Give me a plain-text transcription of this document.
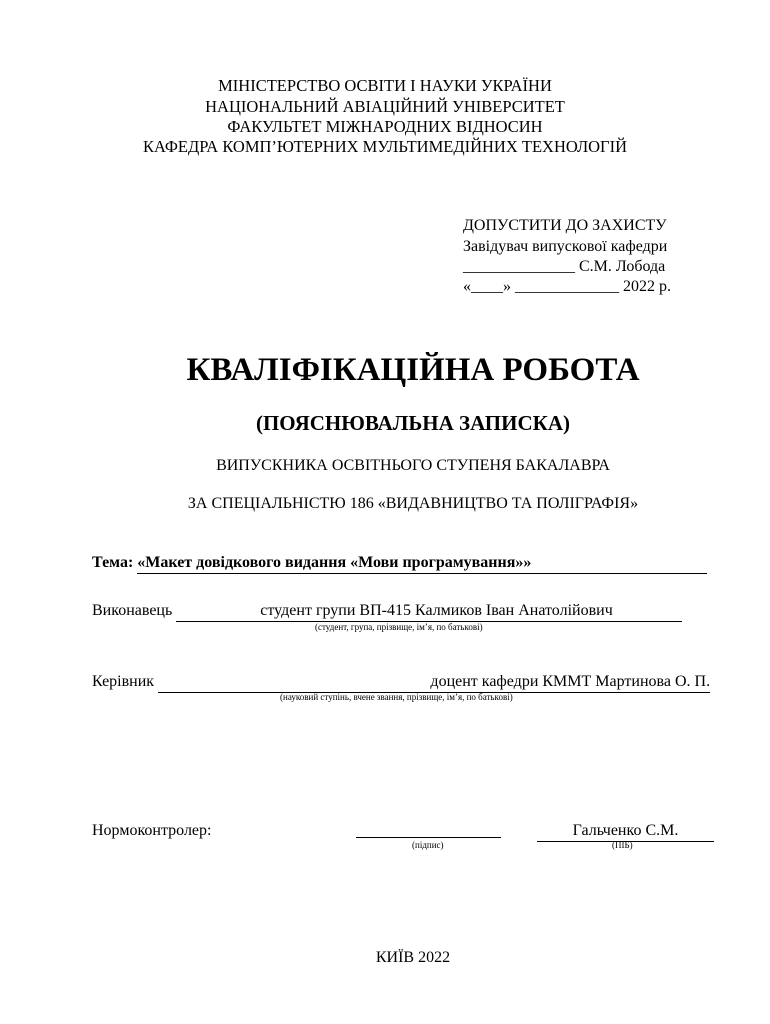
МІНІСТЕРСТВО ОСВІТИ І НАУКИ УКРАЇНИ
НАЦІОНАЛЬНИЙ АВІАЦІЙНИЙ УНІВЕРСИТЕТ
ФАКУЛЬТЕТ МІЖНАРОДНИХ ВІДНОСИН
КАФЕДРА КОМП’ЮТЕРНИХ МУЛЬТИМЕДІЙНИХ ТЕХНОЛОГІЙ
ДОПУСТИТИ ДО ЗАХИСТУ
Завідувач випускової кафедри
______________ С.М. Лобода
«____» _____________ 2022 р.
КВАЛІФІКАЦІЙНА РОБОТА
(ПОЯСНЮВАЛЬНА ЗАПИСКА)
ВИПУСКНИКА ОСВІТНЬОГО СТУПЕНЯ БАКАЛАВРА
ЗА СПЕЦІАЛЬНІСТЮ 186 «ВИДАВНИЦТВО ТА ПОЛІГРАФІЯ»
Тема: «Макет довідкового видання «Мови програмування»»
Виконавець	студент групи ВП-415 Калмиков Іван Анатолійович
(студент, група, прізвище, ім’я, по батькові)
Керівник	доцент кафедри КММТ Мартинова О. П.
(науковий ступінь, вчене звання, прізвище, ім’я, по батькові)
Нормоконтролер:
(підпис)
Гальченко С.М.
(ПІБ)
КИЇВ 2022
